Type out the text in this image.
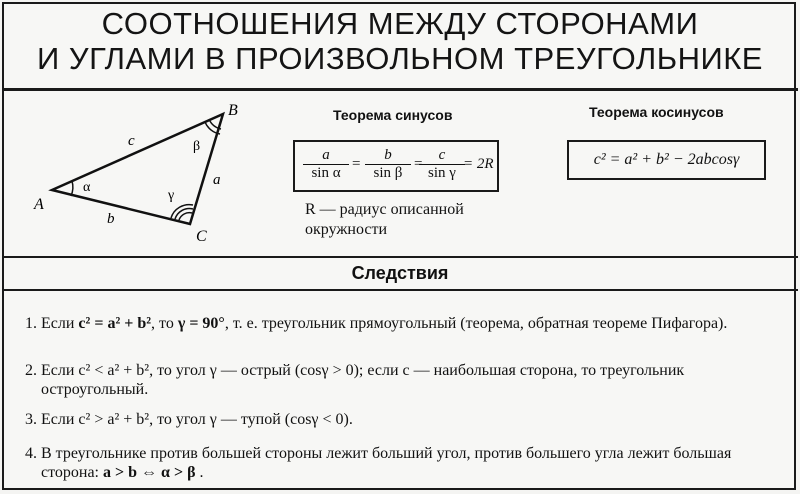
СООТНОШЕНИЯ МЕЖДУ СТОРОНАМИ
И УГЛАМИ В ПРОИЗВОЛЬНОМ ТРЕУГОЛЬНИКЕ
A
B
C
c
a
b
α
β
γ
Теорема синусов
$\frac{a}{\text{sin α}} = \frac{b}{\text{sin β}}$ =
$\frac{c}{\text{sin γ}}$
= 2R
R — радиус описанной
окружности
Теорема косинусов
c² = a² + b² − 2abcosγ
Следствия
1. Если c² = a² + b², то γ = 90°, т. е. треугольник прямоугольный (теорема, обратная теореме Пифагора).
2. Если c² < a² + b², то угол γ — острый (cosγ > 0); если c — наибольшая сторона, то треугольник остроугольный.
3. Если c² > a² + b², то угол γ — тупой (cosγ < 0).
4. В треугольнике против большей стороны лежит больший угол, против большего угла лежит большая сторона: a > b ⇔ α > β .
